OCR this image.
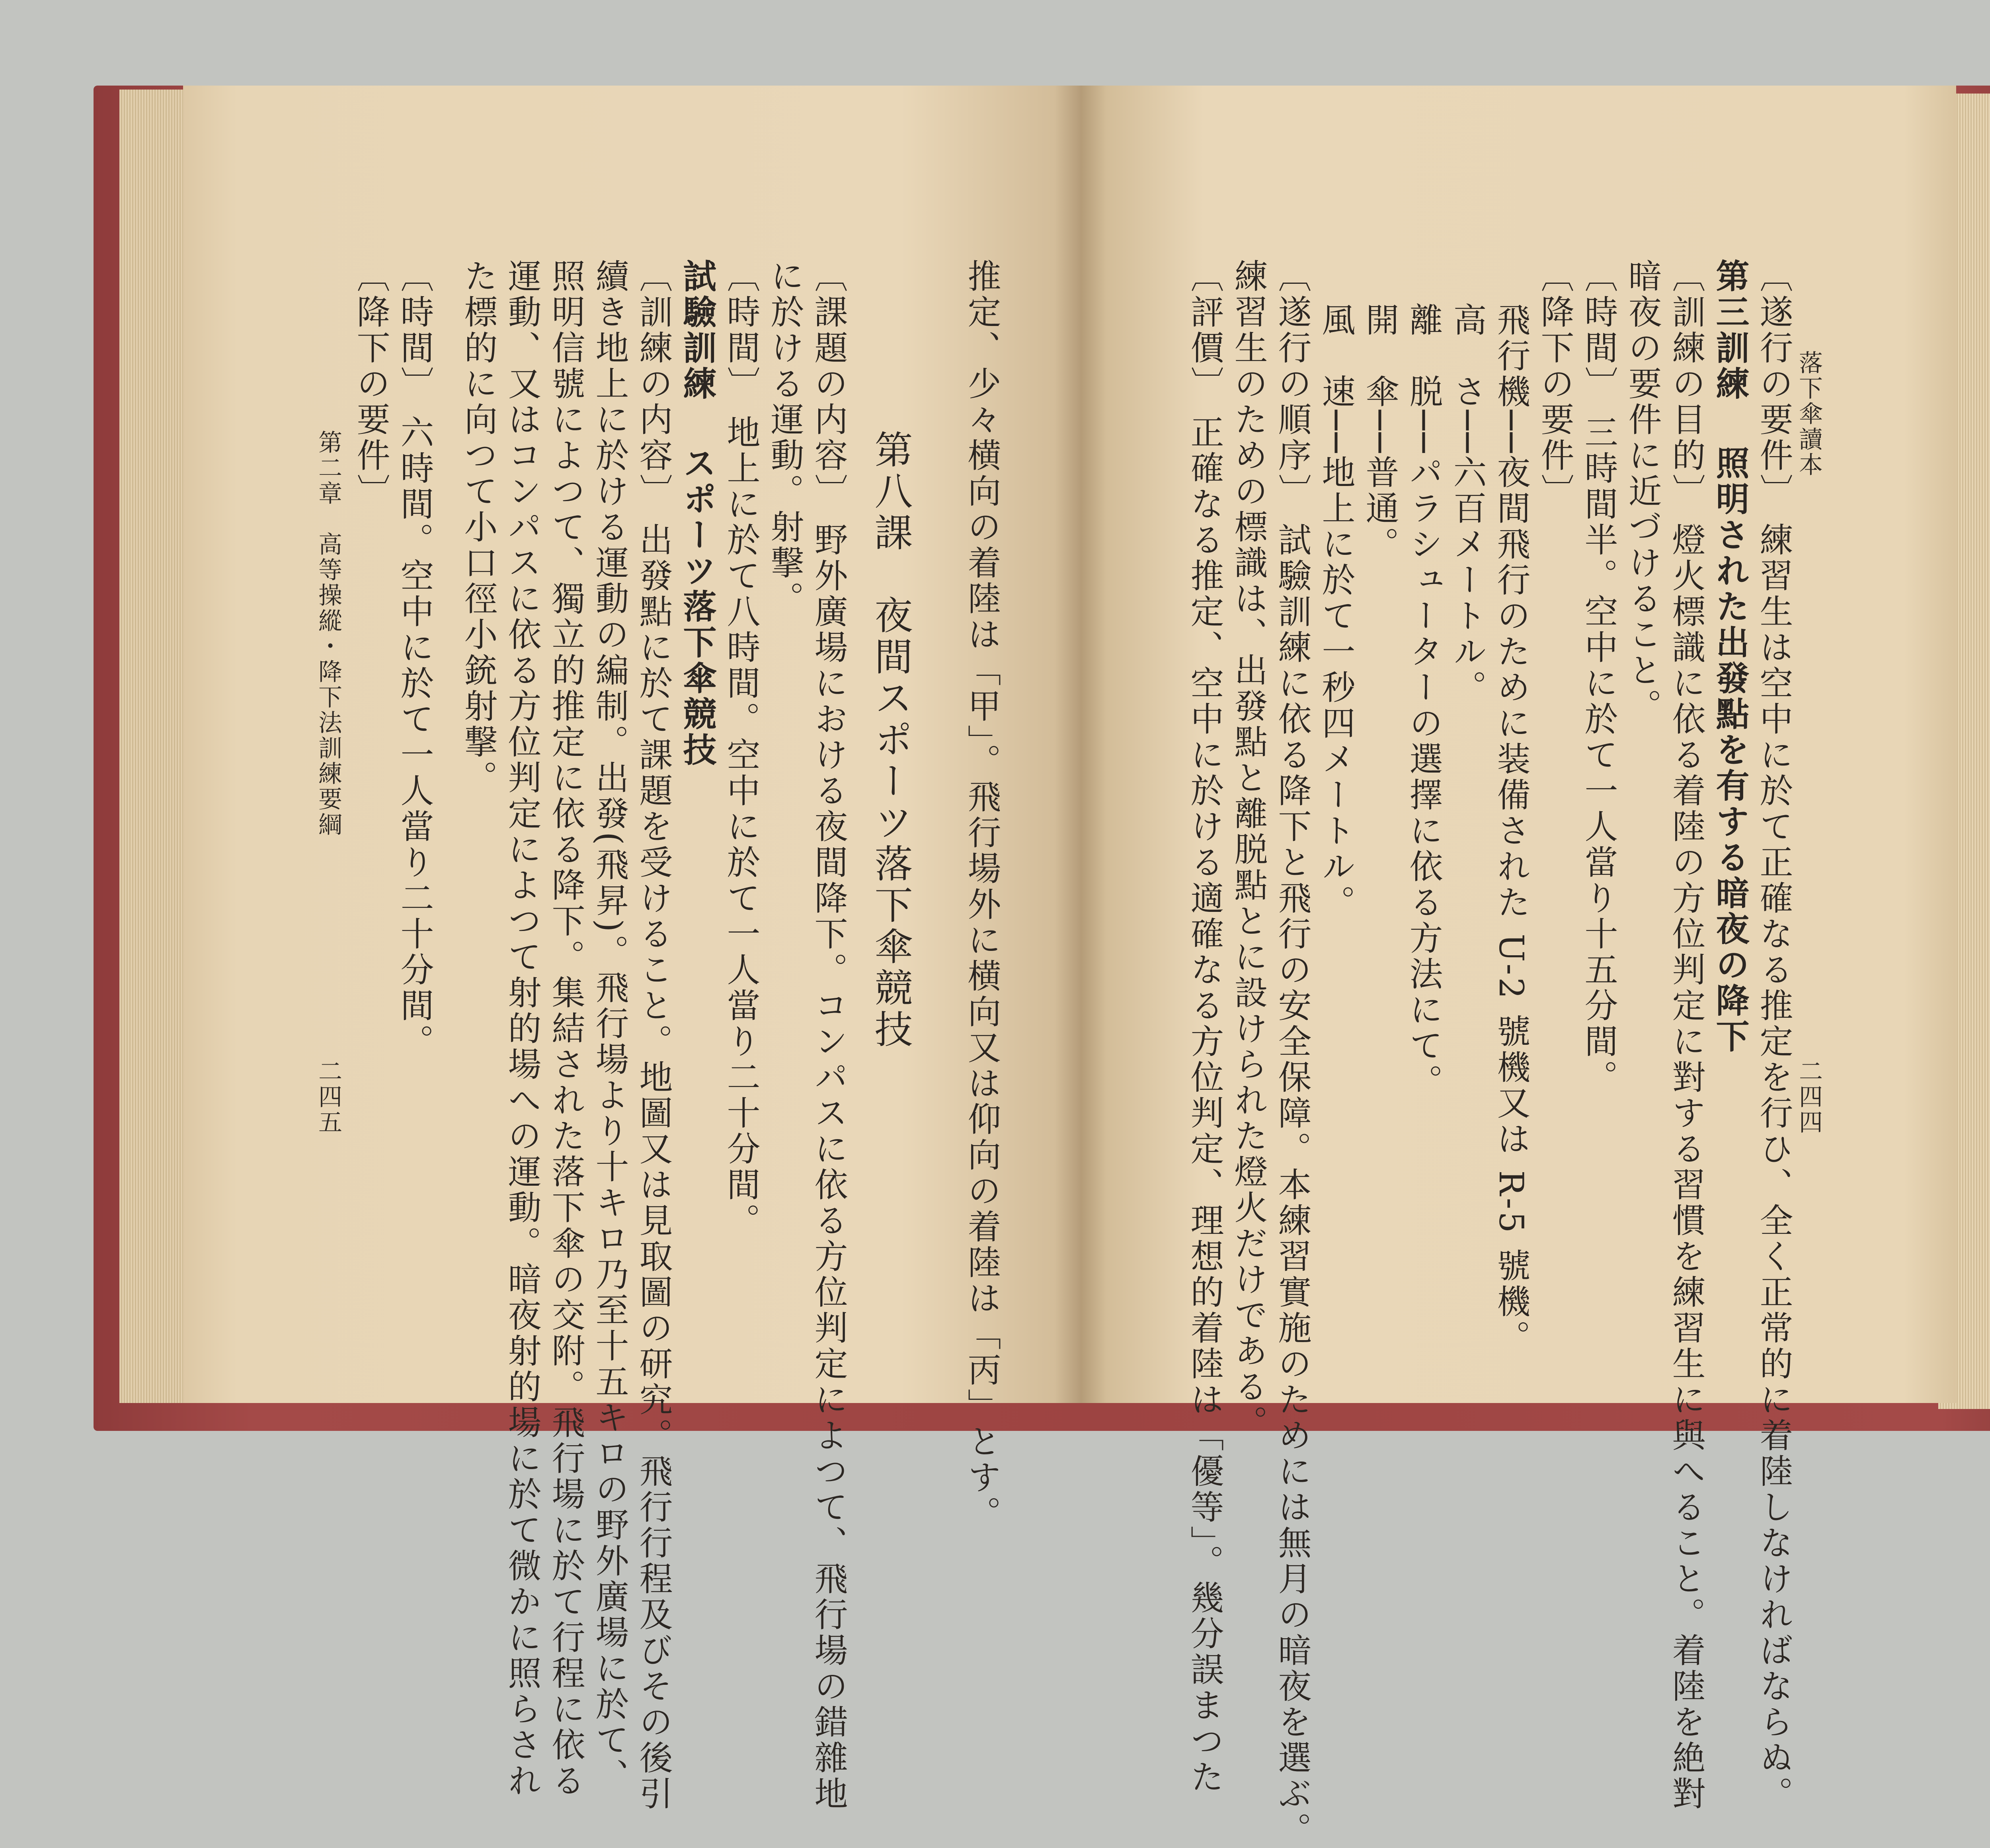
落下傘讀本
二四四
〔遂行の要件〕 練習生は空中に於て正確なる推定を行ひ、全く正常的に着陸しなければならぬ。
第三訓練照明された出發點を有する暗夜の降下
〔訓練の目的〕 燈火標識に依る着陸の方位判定に對する習慣を練習生に與へること。着陸を絶對
暗夜の要件に近づけること。
〔時間〕 三時間半。空中に於て一人當り十五分間。
〔降下の要件〕
飛行機──夜間飛行のために装備された U-2 號機又は R-5 號機。
高　さ──六百メートル。
離　脱──パラシューターの選擇に依る方法にて。
開　傘──普通。
風　速──地上に於て一秒四メートル。
〔遂行の順序〕 試驗訓練に依る降下と飛行の安全保障。本練習實施のためには無月の暗夜を選ぶ。
練習生のための標識は、出發點と離脱點とに設けられた燈火だけである。
〔評價〕 正確なる推定、空中に於ける適確なる方位判定、理想的着陸は「優等」。幾分誤まつた
推定、少々横向の着陸は「甲」。飛行場外に横向又は仰向の着陸は「丙」とす。
第八課　夜間スポーツ落下傘競技
〔課題の内容〕 野外廣場における夜間降下。コンパスに依る方位判定によつて、飛行場の錯雜地
に於ける運動。射撃。
〔時間〕 地上に於て八時間。空中に於て一人當り二十分間。
試驗訓練スポーツ落下傘競技
〔訓練の内容〕 出發點に於て課題を受けること。地圖又は見取圖の研究。飛行行程及びその後引
續き地上に於ける運動の編制。出發(飛昇)。飛行場より十キロ乃至十五キロの野外廣場に於て、
照明信號によつて、獨立的推定に依る降下。集結された落下傘の交附。飛行場に於て行程に依る
運動、又はコンパスに依る方位判定によつて射的場への運動。暗夜射的場に於て微かに照らされ
た標的に向つて小口徑小銃射撃。
〔時間〕 六時間。空中に於て一人當り二十分間。
〔降下の要件〕
第二章　高等操縱・降下法訓練要綱
二四五
